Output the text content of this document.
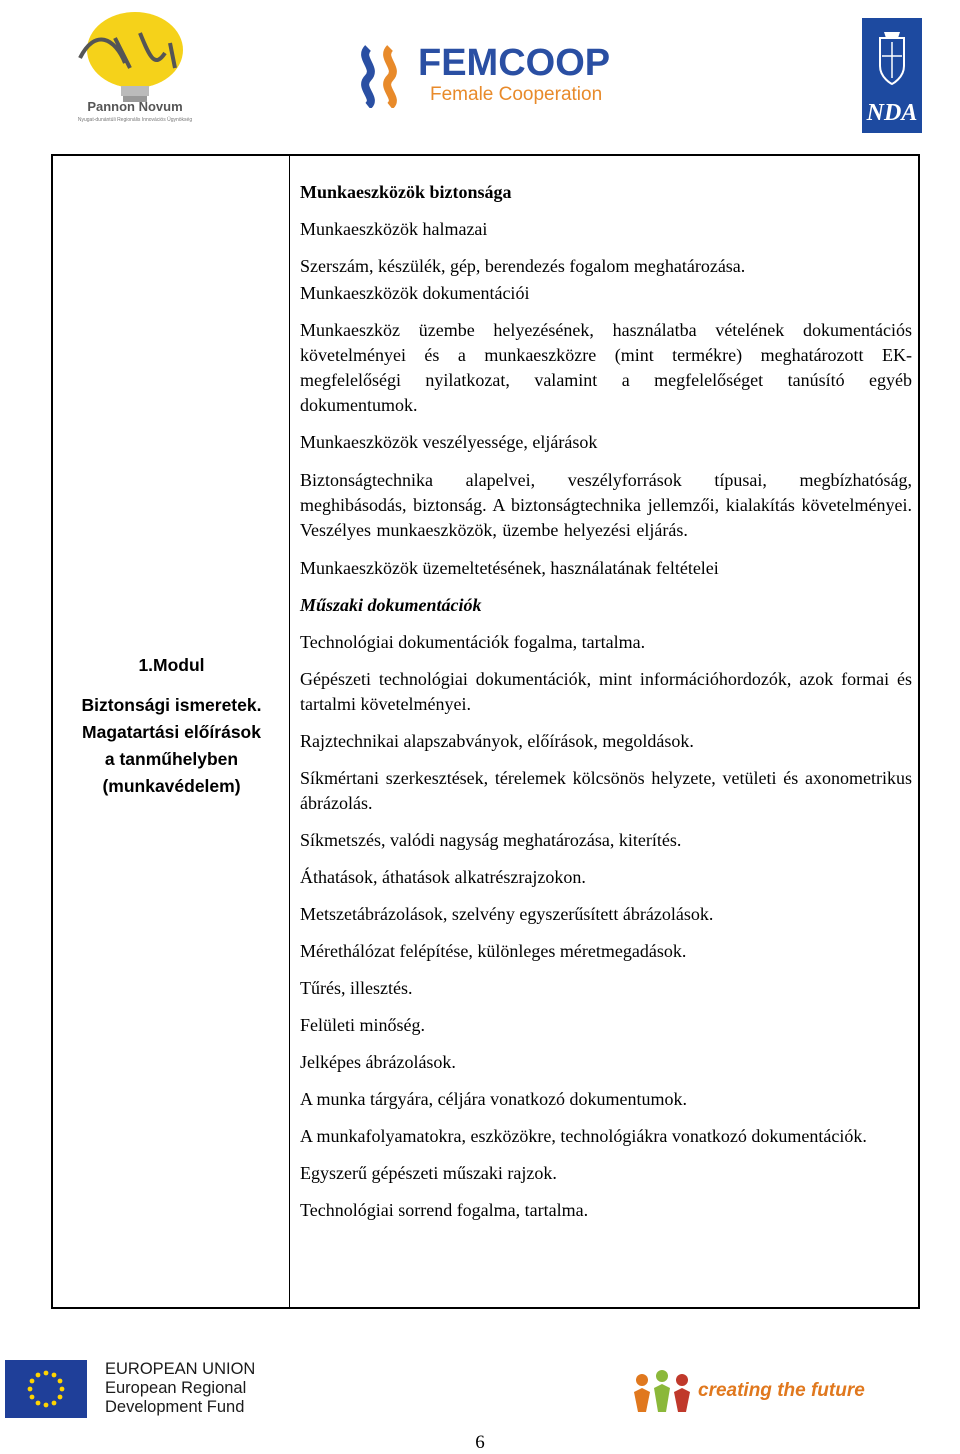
Pannon Novum
Nyugat-dunántúli Regionális Innovációs Ügynökség
FEMCOOP
Female Cooperation
NDA
1.Modul
Biztonsági ismeretek.
Magatartási előírások
a tanműhelyben
(munkavédelem)

Munkaeszközök biztonsága

Munkaeszközök halmazai

Szerszám, készülék, gép, berendezés fogalom meghatározása.

Munkaeszközök dokumentációi

Munkaeszköz üzembe helyezésének, használatba vételének dokumentációs követelményei és a munkaeszközre (mint termékre) meghatározott EK-megfelelőségi nyilatkozat, valamint a megfelelőséget tanúsító egyéb dokumentumok.

Munkaeszközök veszélyessége, eljárások

Biztonságtechnika alapelvei, veszélyforrások típusai, megbízhatóság, meghibásodás, biztonság. A biztonságtechnika jellemzői, kialakítás követelményei. Veszélyes munkaeszközök, üzembe helyezési eljárás.

Munkaeszközök üzemeltetésének, használatának feltételei

Műszaki dokumentációk

Technológiai dokumentációk fogalma, tartalma.

Gépészeti technológiai dokumentációk, mint információhordozók, azok formai és tartalmi követelményei.

Rajztechnikai alapszabványok, előírások, megoldások.

Síkmértani szerkesztések, térelemek kölcsönös helyzete, vetületi és axonometrikus ábrázolás.

Síkmetszés, valódi nagyság meghatározása, kiterítés.

Áthatások, áthatások alkatrészrajzokon.

Metszetábrázolások, szelvény egyszerűsített ábrázolások.

Mérethálózat felépítése, különleges méretmegadások.

Tűrés, illesztés.

Felületi minőség.

Jelképes ábrázolások.

A munka tárgyára, céljára vonatkozó dokumentumok.

A munkafolyamatokra, eszközökre, technológiákra vonatkozó dokumentációk.

Egyszerű gépészeti műszaki rajzok.

Technológiai sorrend fogalma, tartalma.

EUROPEAN UNION
European Regional
Development Fund
creating the future
6
